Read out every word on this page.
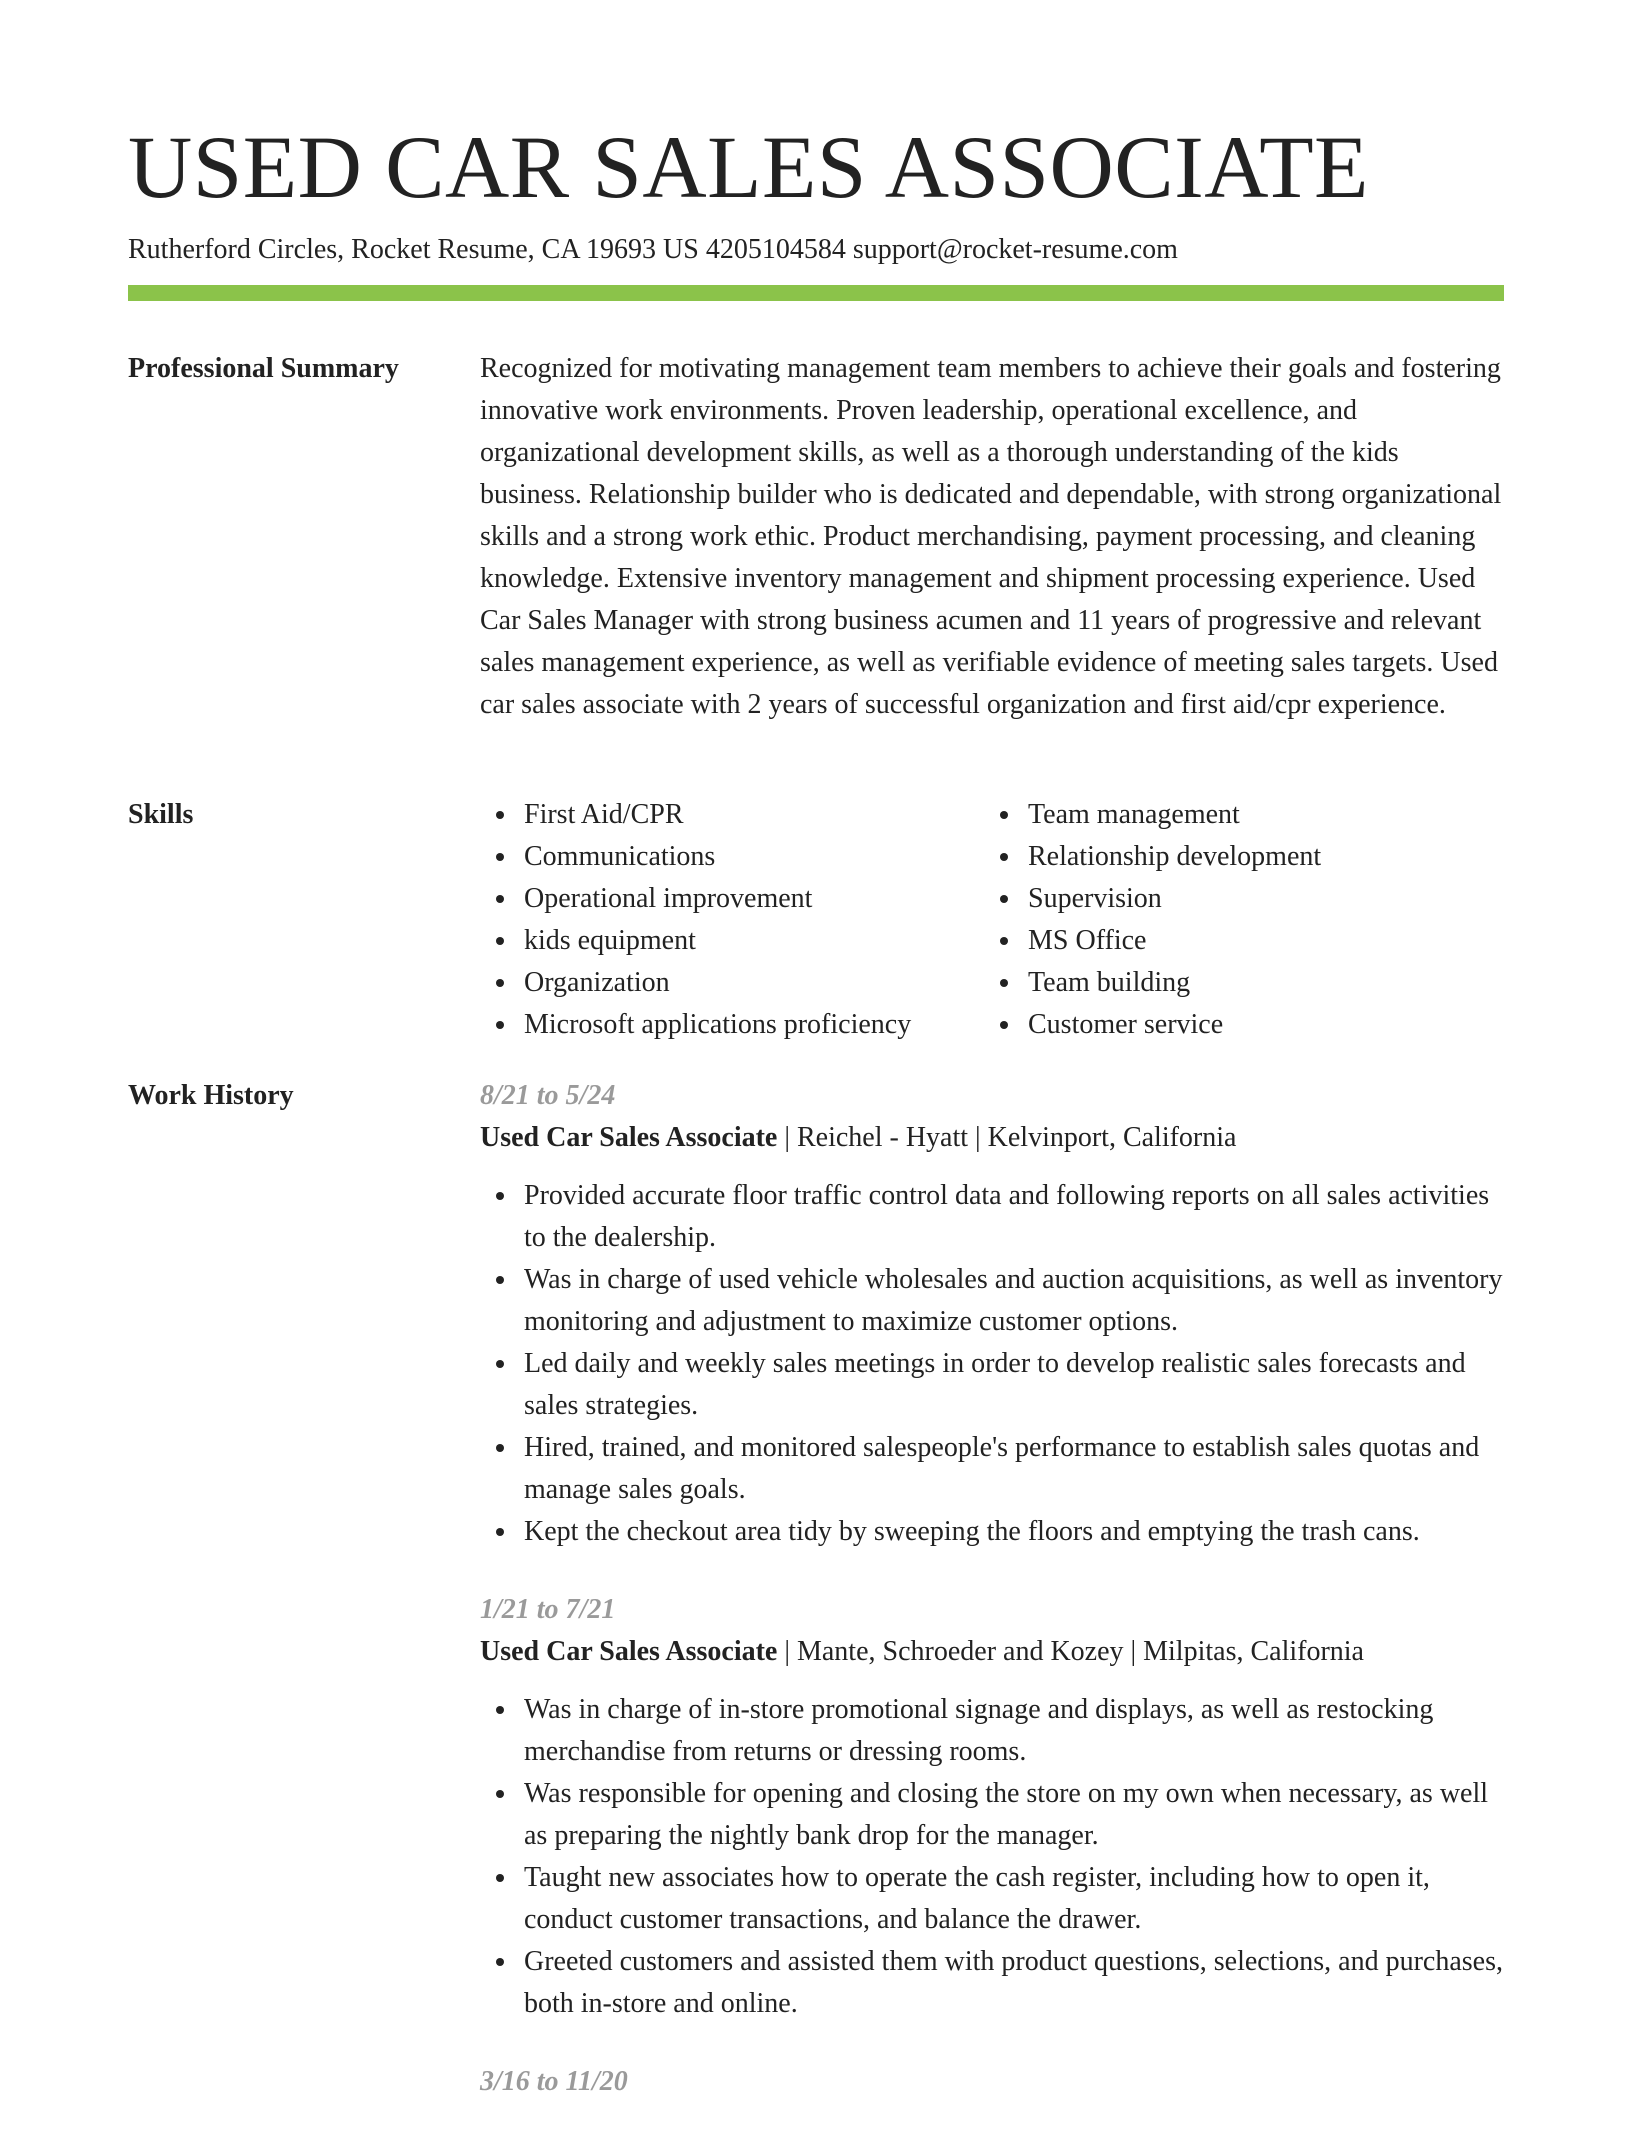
USED CAR SALES ASSOCIATE
Rutherford Circles, Rocket Resume, CA 19693 US 4205104584 support@rocket-resume.com
Professional Summary	Recognized for motivating management team members to achieve their goals and fostering innovative work environments. Proven leadership, operational excellence, and organizational development skills, as well as a thorough understanding of the kids business. Relationship builder who is dedicated and dependable, with strong organizational skills and a strong work ethic. Product merchandising, payment processing, and cleaning knowledge. Extensive inventory management and shipment processing experience. Used Car Sales Manager with strong business acumen and 11 years of progressive and relevant sales management experience, as well as verifiable evidence of meeting sales targets. Used car sales associate with 2 years of successful organization and first aid/cpr experience.

Skills	First Aid/CPR
Communications
Operational improvement
kids equipment
Organization
Microsoft applications proficiency
Team management
Relationship development
Supervision
MS Office
Team building
Customer service
Work History	8/21 to 5/24
Used Car Sales Associate | Reichel - Hyatt | Kelvinport, California
Provided accurate floor traffic control data and following reports on all sales activities to the dealership.
Was in charge of used vehicle wholesales and auction acquisitions, as well as inventory monitoring and adjustment to maximize customer options.
Led daily and weekly sales meetings in order to develop realistic sales forecasts and sales strategies.
Hired, trained, and monitored salespeople's performance to establish sales quotas and manage sales goals.
Kept the checkout area tidy by sweeping the floors and emptying the trash cans.
1/21 to 7/21
Used Car Sales Associate | Mante, Schroeder and Kozey | Milpitas, California
Was in charge of in-store promotional signage and displays, as well as restocking merchandise from returns or dressing rooms.
Was responsible for opening and closing the store on my own when necessary, as well as preparing the nightly bank drop for the manager.
Taught new associates how to operate the cash register, including how to open it, conduct customer transactions, and balance the drawer.
Greeted customers and assisted them with product questions, selections, and purchases, both in-store and online.
3/16 to 11/20
